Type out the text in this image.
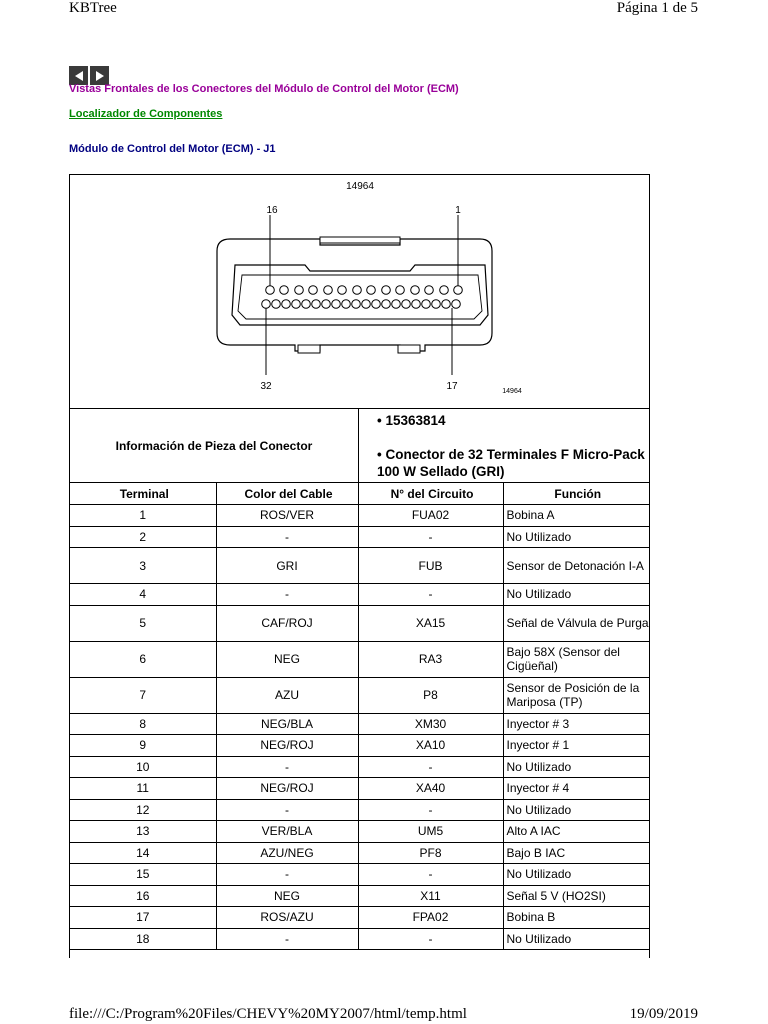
KBTree	Página 1 de 5
Vistas Frontales de los Conectores del Módulo de Control del Motor (ECM)
Localizador de Componentes
Módulo de Control del Motor (ECM) - J1
14964
16	1
32	17	14964
Información de Pieza del Conector
• 15363814
• Conector de 32 Terminales F Micro-Pack 100 W Sellado (GRI)
Terminal	Color del Cable	N° del Circuito	Función
1	ROS/VER	FUA02	Bobina A
2	-	-	No Utilizado
3	GRI	FUB	Sensor de Detonación I-A
4	-	-	No Utilizado
5	CAF/ROJ	XA15	Señal de Válvula de Purga
6	NEG	RA3	Bajo 58X (Sensor del Cigüeñal)
7	AZU	P8	Sensor de Posición de la Mariposa (TP)
8	NEG/BLA	XM30	Inyector # 3
9	NEG/ROJ	XA10	Inyector # 1
10	-	-	No Utilizado
11	NEG/ROJ	XA40	Inyector # 4
12	-	-	No Utilizado
13	VER/BLA	UM5	Alto A IAC
14	AZU/NEG	PF8	Bajo B IAC
15	-	-	No Utilizado
16	NEG	X11	Señal 5 V (HO2SI)
17	ROS/AZU	FPA02	Bobina B
18	-	-	No Utilizado
file:///C:/Program%20Files/CHEVY%20MY2007/html/temp.html	19/09/2019
